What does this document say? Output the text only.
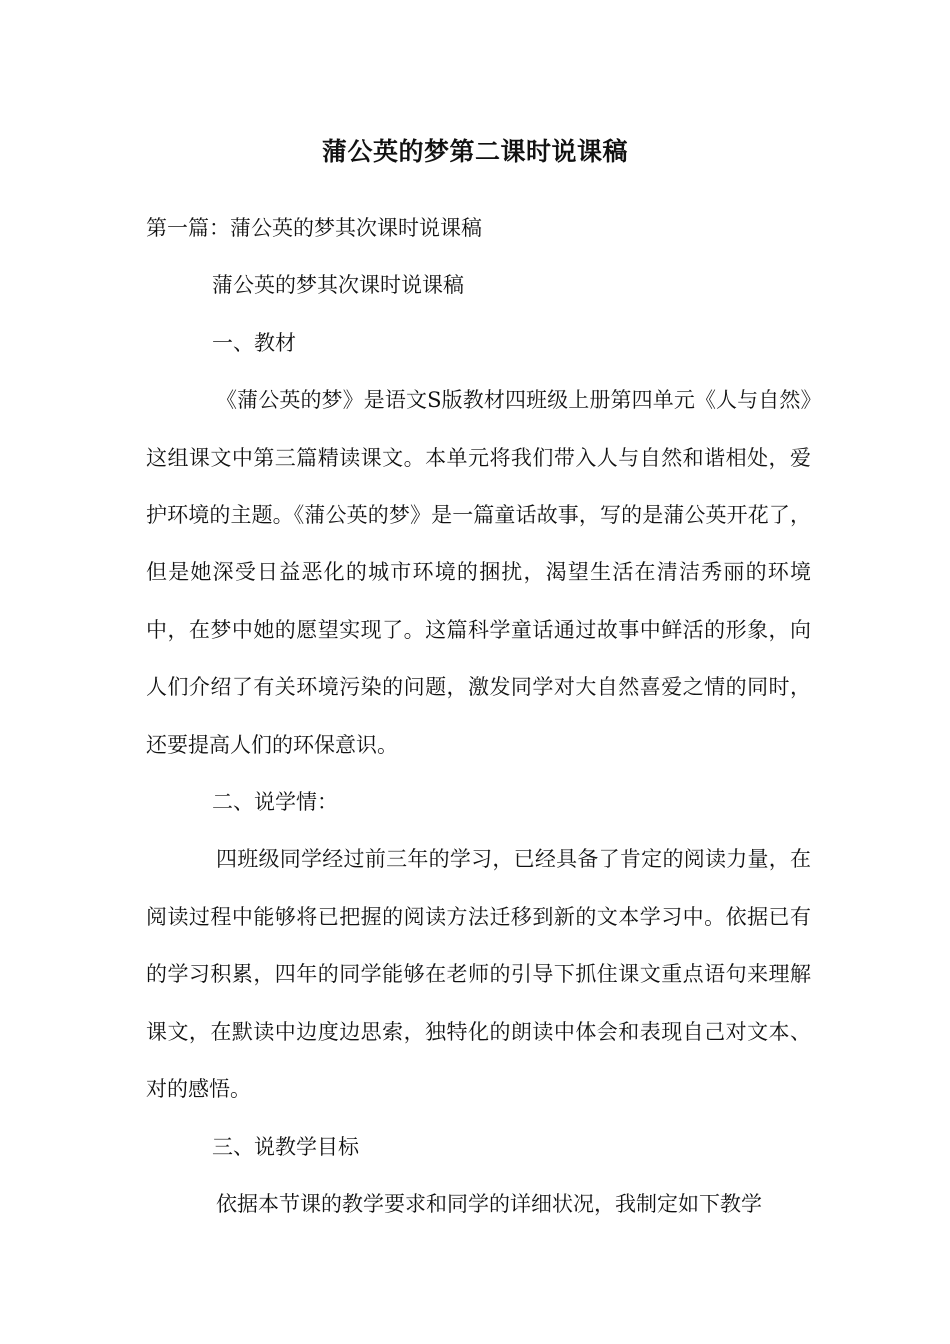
蒲公英的梦第二课时说课稿

第一篇：蒲公英的梦其次课时说课稿

蒲公英的梦其次课时说课稿

一、教材

《蒲公英的梦》是语文S版教材四班级上册第四单元《人与自然》这组课文中第三篇精读课文。本单元将我们带入人与自然和谐相处，爱护环境的主题。《蒲公英的梦》是一篇童话故事，写的是蒲公英开花了，但是她深受日益恶化的城市环境的捆扰，渴望生活在清洁秀丽的环境中，在梦中她的愿望实现了。这篇科学童话通过故事中鲜活的形象，向人们介绍了有关环境污染的问题，激发同学对大自然喜爱之情的同时，还要提高人们的环保意识。

二、说学情：

四班级同学经过前三年的学习，已经具备了肯定的阅读力量，在阅读过程中能够将已把握的阅读方法迁移到新的文本学习中。依据已有的学习积累，四年的同学能够在老师的引导下抓住课文重点语句来理解课文，在默读中边度边思索，独特化的朗读中体会和表现自己对文本、对的感悟。

三、说教学目标

依据本节课的教学要求和同学的详细状况，我制定如下教学
